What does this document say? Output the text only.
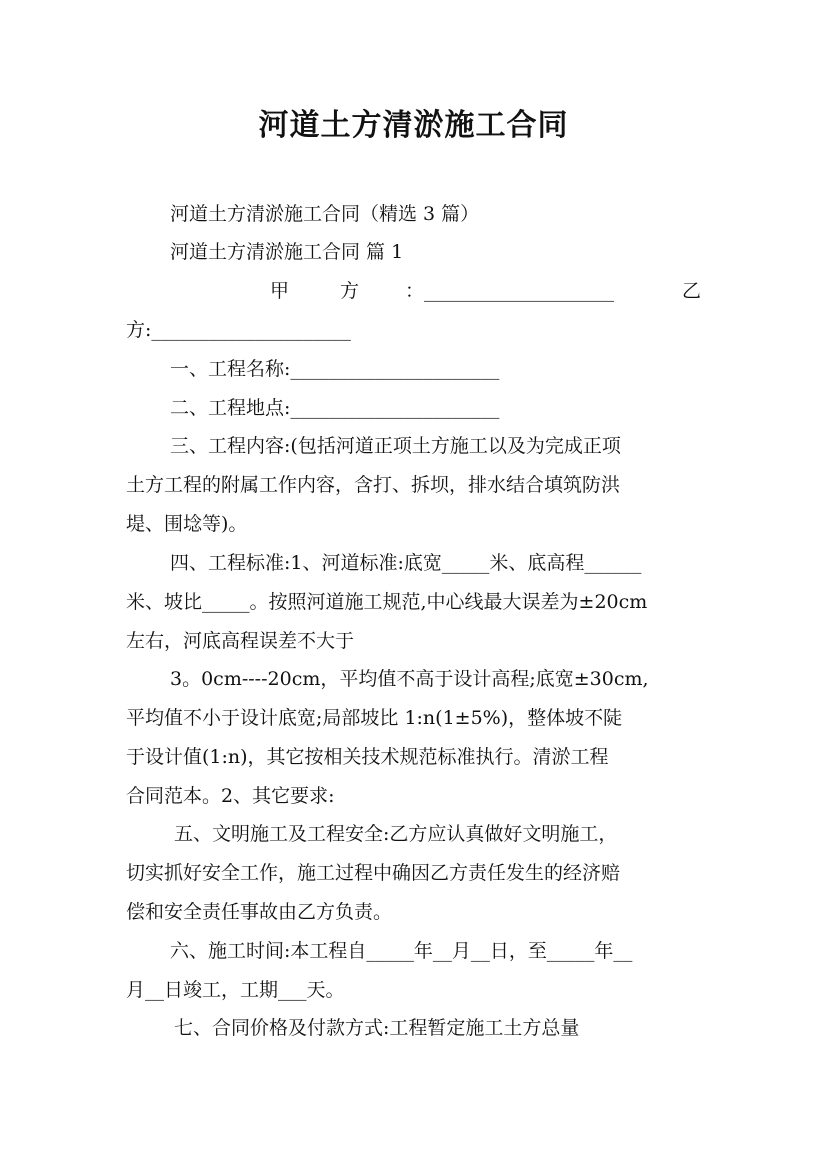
河道土方清淤施工合同
河道土方清淤施工合同（精选 3 篇）
河道土方清淤施工合同 篇 1
甲	方 ：____________________	乙
方:_____________________
一、工程名称:______________________
二、工程地点:______________________
三、工程内容:(包括河道正项土方施工以及为完成正项
土方工程的附属工作内容，含打、拆坝，排水结合填筑防洪
堤、围埝等)。
四、工程标准:1、河道标准:底宽_____米、底高程______
米、坡比_____。按照河道施工规范,中心线最大误差为±20cm
左右，河底高程误差不大于
3。0cm----20cm，平均值不高于设计高程;底宽±30cm,
平均值不小于设计底宽;局部坡比 1:n(1±5%)，整体坡不陡
于设计值(1:n)，其它按相关技术规范标准执行。清淤工程
合同范本。2、其它要求:
五、文明施工及工程安全:乙方应认真做好文明施工，
切实抓好安全工作，施工过程中确因乙方责任发生的经济赔
偿和安全责任事故由乙方负责。
六、施工时间:本工程自_____年__月__日，至_____年__
月__日竣工，工期___天。
七、合同价格及付款方式:工程暂定施工土方总量
